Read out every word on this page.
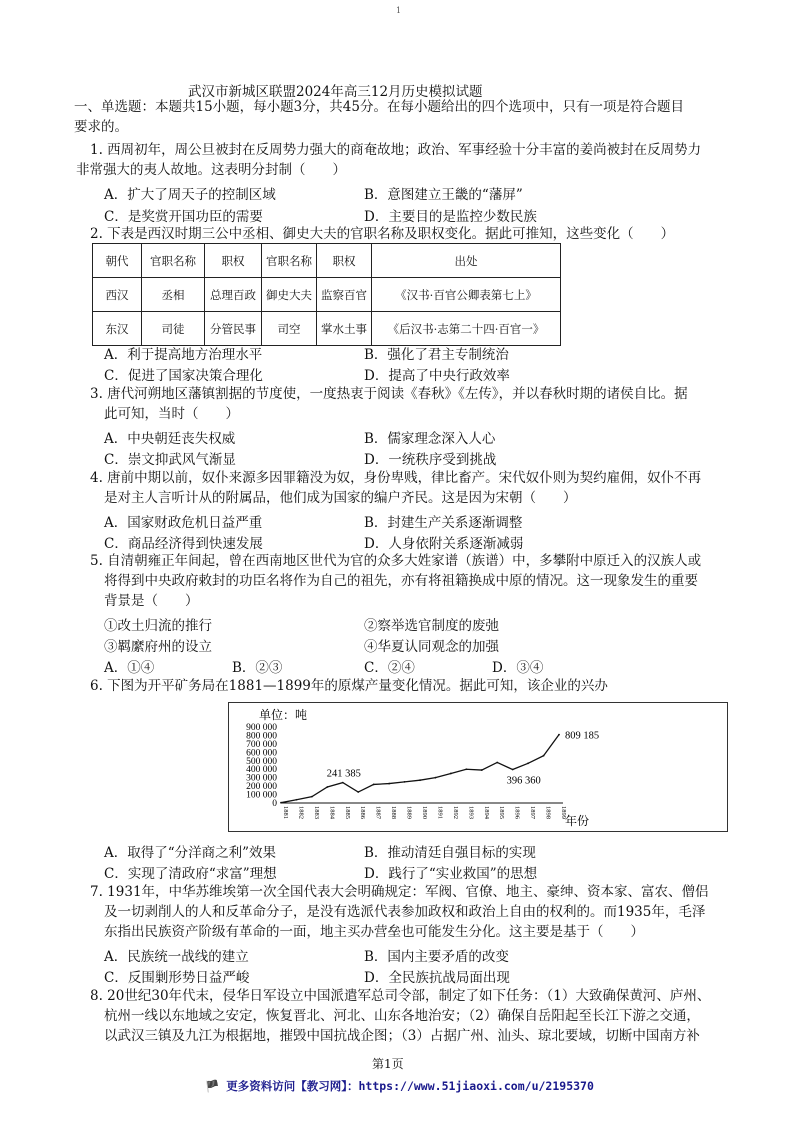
1
武汉市新城区联盟2024年高三12月历史模拟试题
一、单选题：本题共15小题，每小题3分，共45分。在每小题给出的四个选项中，只有一项是符合题目
要求的。
1. 西周初年，周公旦被封在反周势力强大的商奄故地；政治、军事经验十分丰富的姜尚被封在反周势力
非常强大的夷人故地。这表明分封制（　　）
A．扩大了周天子的控制区域	B．意图建立王畿的“藩屏”
C．是奖赏开国功臣的需要	D．主要目的是监控少数民族
2. 下表是西汉时期三公中丞相、御史大夫的官职名称及职权变化。据此可推知，这些变化（　　）
朝代	官职名称	职权	官职名称	职权	出处
西汉	丞相	总理百政	御史大夫	监察百官	《汉书·百官公卿表第七上》
东汉	司徒	分管民事	司空	掌水土事	《后汉书·志第二十四·百官一》
A．利于提高地方治理水平	B．强化了君主专制统治
C．促进了国家决策合理化	D．提高了中央行政效率
3. 唐代河朔地区藩镇割据的节度使，一度热衷于阅读《春秋》《左传》，并以春秋时期的诸侯自比。据
此可知，当时（　　）
A．中央朝廷丧失权威	B．儒家理念深入人心
C．崇文抑武风气渐显	D．一统秩序受到挑战
4. 唐前中期以前，奴仆来源多因罪籍没为奴，身份卑贱，律比畜产。宋代奴仆则为契约雇佣，奴仆不再
是对主人言听计从的附属品，他们成为国家的编户齐民。这是因为宋朝（　　）
A．国家财政危机日益严重	B．封建生产关系逐渐调整
C．商品经济得到快速发展	D．人身依附关系逐渐减弱
5. 自清朝雍正年间起，曾在西南地区世代为官的众多大姓家谱（族谱）中，多攀附中原迁入的汉族人或
将得到中央政府敕封的功臣名将作为自己的祖先，亦有将祖籍换成中原的情况。这一现象发生的重要
背景是（　　）
①改土归流的推行	②察举选官制度的废弛
③羁縻府州的设立	④华夏认同观念的加强
A．①④	B．②③	C．②④	D．③④
6. 下图为开平矿务局在1881—1899年的原煤产量变化情况。据此可知，该企业的兴办
单位：吨
年份
900 000
800 000
700 000
600 000
500 000
400 000
300 000
200 000
100 000
0
1881 1882 1883 1884 1885 1886 1887 1888 1889 1890 1891 1892 1893 1894 1895 1896 1897 1898 1899
241 385
396 360
809 185
A．取得了“分洋商之利”效果	B．推动清廷自强目标的实现
C．实现了清政府“求富”理想	D．践行了“实业救国”的思想
7. 1931年，中华苏维埃第一次全国代表大会明确规定：军阀、官僚、地主、豪绅、资本家、富农、僧侣
及一切剥削人的人和反革命分子，是没有选派代表参加政权和政治上自由的权利的。而1935年，毛泽
东指出民族资产阶级有革命的一面，地主买办营垒也可能发生分化。这主要是基于（　　）
A．民族统一战线的建立	B．国内主要矛盾的改变
C．反围剿形势日益严峻	D．全民族抗战局面出现
8. 20世纪30年代末，侵华日军设立中国派遣军总司令部，制定了如下任务：（1）大致确保黄河、庐州、
杭州一线以东地域之安定，恢复晋北、河北、山东各地治安；（2）确保自岳阳起至长江下游之交通，
以武汉三镇及九江为根据地，摧毁中国抗战企图；（3）占据广州、汕头、琼北要域，切断中国南方补
第1页
🏴 更多资料访问【教习网】：https://www.51jiaoxi.com/u/2195370
